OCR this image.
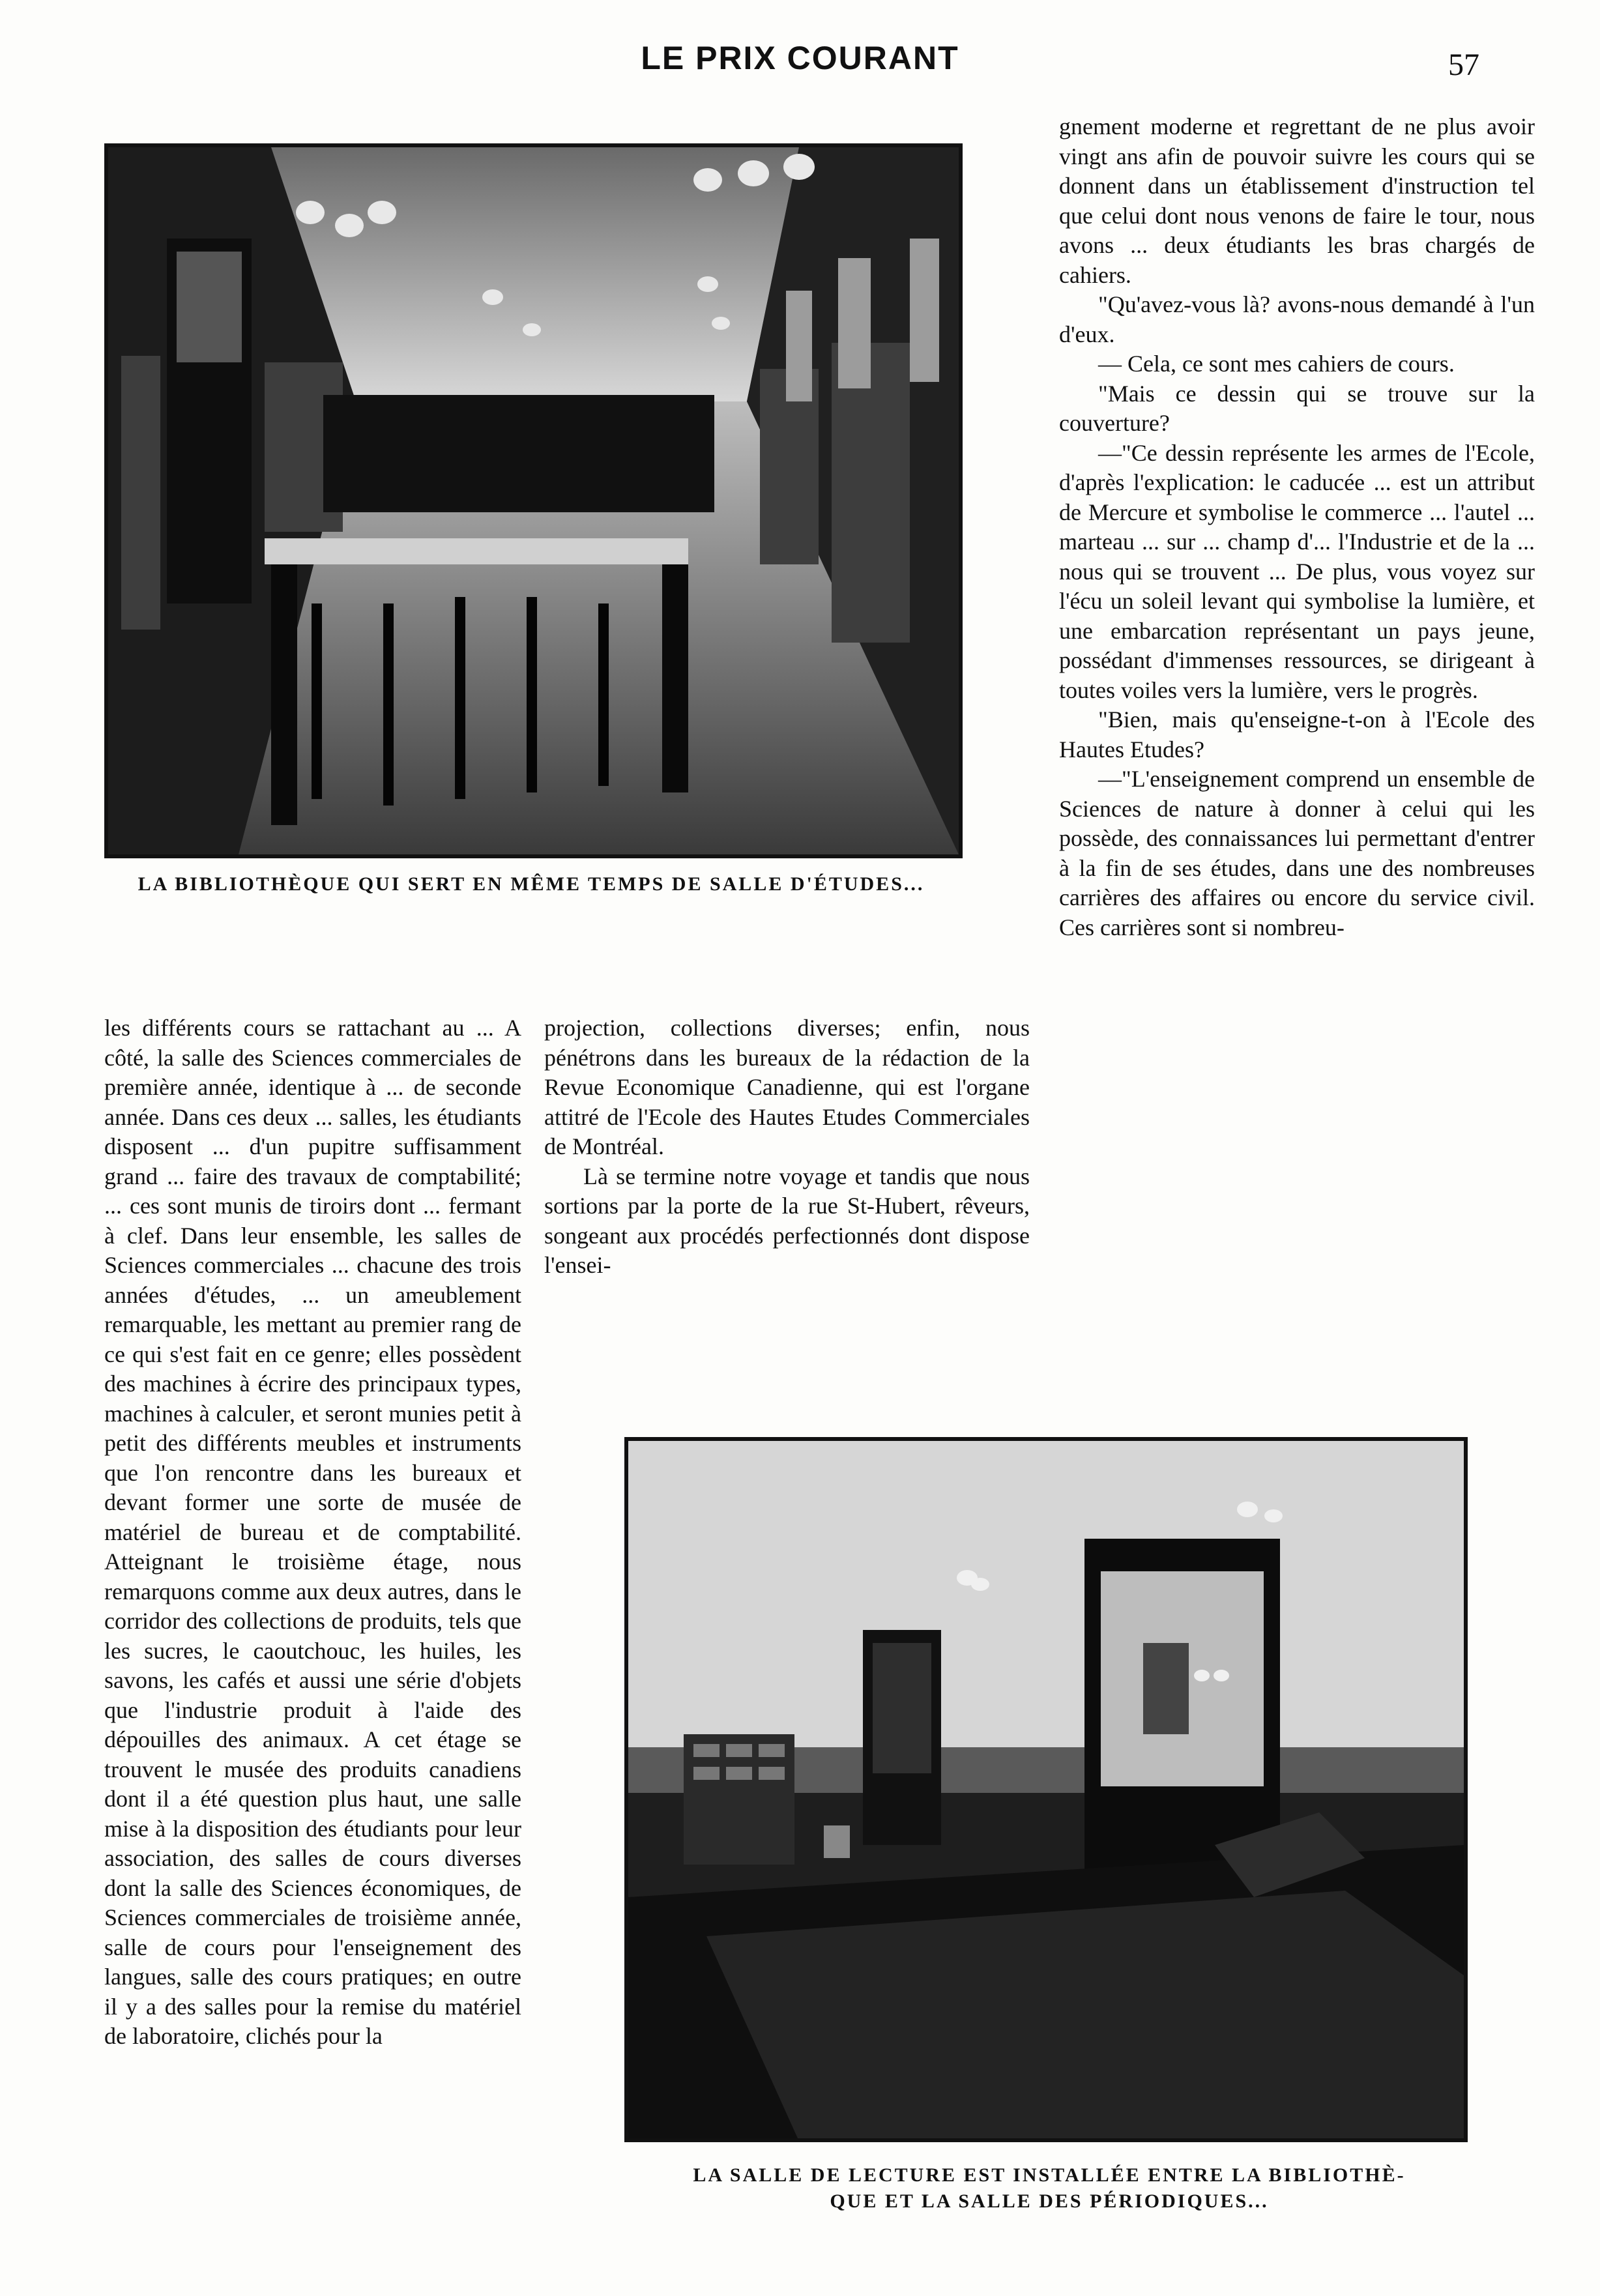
LE PRIX COURANT	57
LA BIBLIOTHÈQUE QUI SERT EN MÊME TEMPS DE SALLE D'ÉTUDES...

gnement moderne et regrettant de ne plus avoir vingt ans afin de pouvoir suivre les cours qui se donnent dans un établissement d'instruction tel que celui dont nous venons de faire le tour, nous avons ... deux étudiants les bras chargés de cahiers.

"Qu'avez-vous là? avons-nous demandé à l'un d'eux.

— Cela, ce sont mes cahiers de cours.

"Mais ce dessin qui se trouve sur la couverture?

—"Ce dessin représente les armes de l'Ecole, d'après l'explication: le caducée ... est un attribut de Mercure et symbolise le commerce ... l'autel ... marteau ... sur ... champ d'... l'Industrie et de la ... nous qui se trouvent ... De plus, vous voyez sur l'écu un soleil levant qui symbolise la lumière, et une embarcation représentant un pays jeune, possédant d'immenses ressources, se dirigeant à toutes voiles vers la lumière, vers le progrès.

"Bien, mais qu'enseigne-t-on à l'Ecole des Hautes Etudes?

—"L'enseignement comprend un ensemble de Sciences de nature à donner à celui qui les possède, des connaissances lui permettant d'entrer à la fin de ses études, dans une des nombreuses carrières des affaires ou encore du service civil. Ces carrières sont si nombreu-

les différents cours se rattachant au ... A côté, la salle des Sciences commerciales de première année, identique à ... de seconde année. Dans ces deux ... salles, les étudiants disposent ... d'un pupitre suffisamment grand ... faire des travaux de comptabilité; ... ces sont munis de tiroirs dont ... fermant à clef. Dans leur ensemble, les salles de Sciences commerciales ... chacune des trois années d'études, ... un ameublement remarquable, les mettant au premier rang de ce qui s'est fait en ce genre; elles possèdent des machines à écrire des principaux types, machines à calculer, et seront munies petit à petit des différents meubles et instruments que l'on rencontre dans les bureaux et devant former une sorte de musée de matériel de bureau et de comptabilité. Atteignant le troisième étage, nous remarquons comme aux deux autres, dans le corridor des collections de produits, tels que les sucres, le caoutchouc, les huiles, les savons, les cafés et aussi une série d'objets que l'industrie produit à l'aide des dépouilles des animaux. A cet étage se trouvent le musée des produits canadiens dont il a été question plus haut, une salle mise à la disposition des étudiants pour leur association, des salles de cours diverses dont la salle des Sciences économiques, de Sciences commerciales de troisième année, salle de cours pour l'enseignement des langues, salle des cours pratiques; en outre il y a des salles pour la remise du matériel de laboratoire, clichés pour la

projection, collections diverses; enfin, nous pénétrons dans les bureaux de la rédaction de la Revue Economique Canadienne, qui est l'organe attitré de l'Ecole des Hautes Etudes Commerciales de Montréal.

Là se termine notre voyage et tandis que nous sortions par la porte de la rue St-Hubert, rêveurs, songeant aux procédés perfectionnés dont dispose l'ensei-

LA SALLE DE LECTURE EST INSTALLÉE ENTRE LA BIBLIOTHÈ-
QUE ET LA SALLE DES PÉRIODIQUES...
